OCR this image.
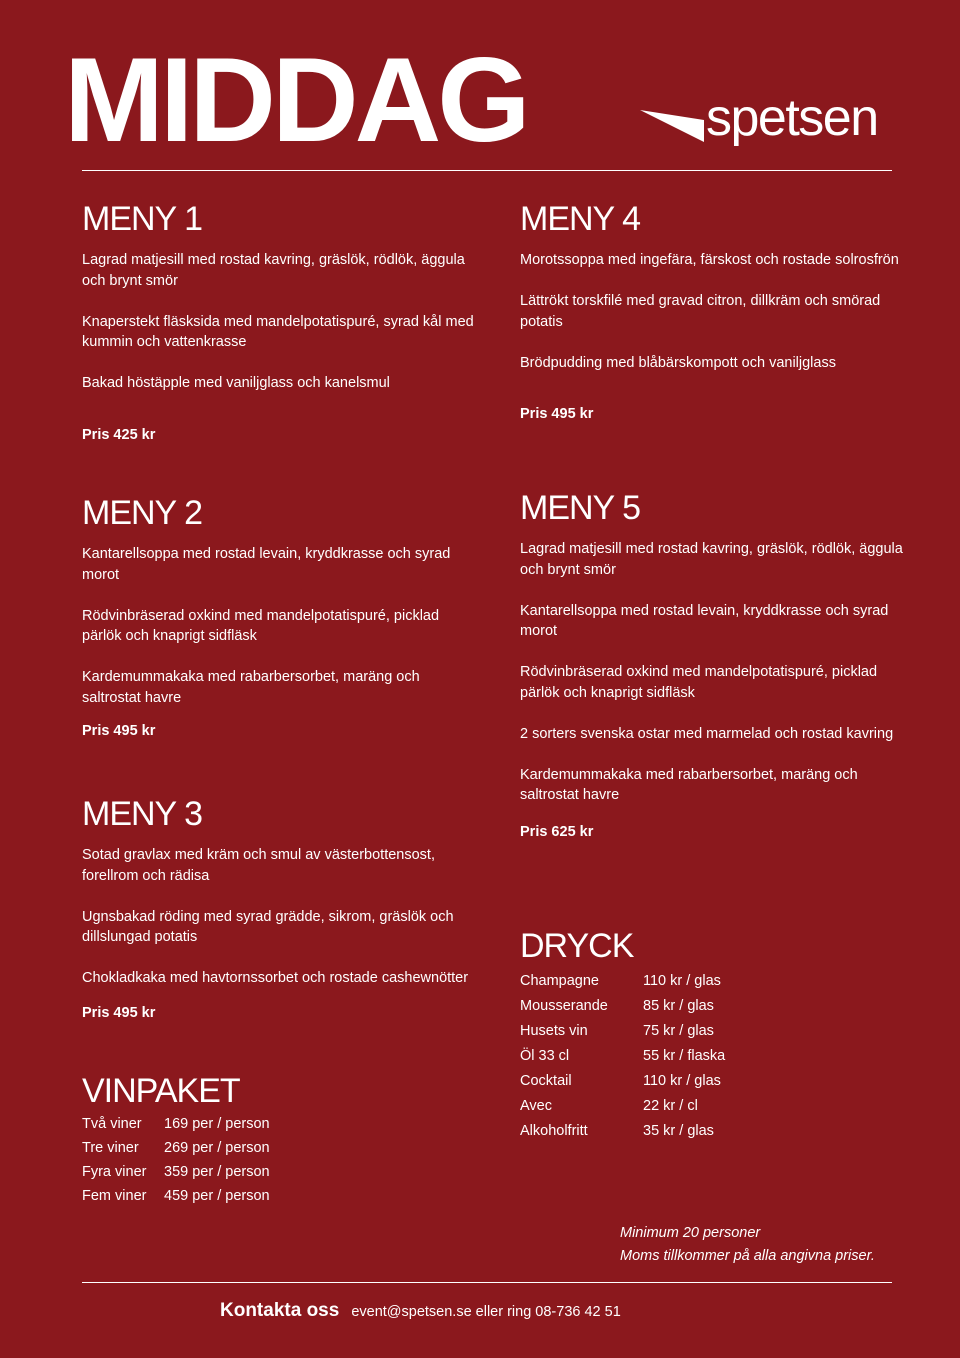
MIDDAG	spetsen
MENY 1

Lagrad matjesill med rostad kavring, gräslök, rödlök, äggula och brynt smör

Knaperstekt fläsksida med mandelpotatispuré, syrad kål med kummin och vattenkrasse

Bakad höstäpple med vaniljglass och kanelsmul

Pris 425 kr
MENY 4

Morotssoppa med ingefära, färskost och rostade solrosfrön

Lättrökt torskfilé med gravad citron, dillkräm och smörad potatis

Brödpudding med blåbärskompott och vaniljglass

Pris 495 kr
MENY 2

Kantarellsoppa med rostad levain, kryddkrasse och syrad morot

Rödvinbräserad oxkind med mandelpotatispuré, picklad pärlök och knaprigt sidfläsk

Kardemummakaka med rabarbersorbet, maräng och saltrostat havre

Pris 495 kr
MENY 5

Lagrad matjesill med rostad kavring, gräslök, rödlök, äggula och brynt smör

Kantarellsoppa med rostad levain, kryddkrasse och syrad morot

Rödvinbräserad oxkind med mandelpotatispuré, picklad pärlök och knaprigt sidfläsk

2 sorters svenska ostar med marmelad och rostad kavring

Kardemummakaka med rabarbersorbet, maräng och saltrostat havre

Pris 625 kr
MENY 3

Sotad gravlax med kräm och smul av västerbottensost, forellrom och rädisa

Ugnsbakad röding med syrad grädde, sikrom, gräslök och dillslungad potatis

Chokladkaka med havtornssorbet och rostade cashewnötter

Pris 495 kr
VINPAKET
Två viner	169 per / person
Tre viner	269 per / person
Fyra viner	359 per / person
Fem viner	459 per / person
DRYCK
Champagne	110 kr / glas
Mousserande	85 kr / glas
Husets vin	75 kr / glas
Öl 33 cl	55 kr / flaska
Cocktail	110 kr / glas
Avec	22 kr / cl
Alkoholfritt	35 kr / glas
Minimum 20 personer
Moms tillkommer på alla angivna priser.
Kontakta oss event@spetsen.se eller ring 08-736 42 51
